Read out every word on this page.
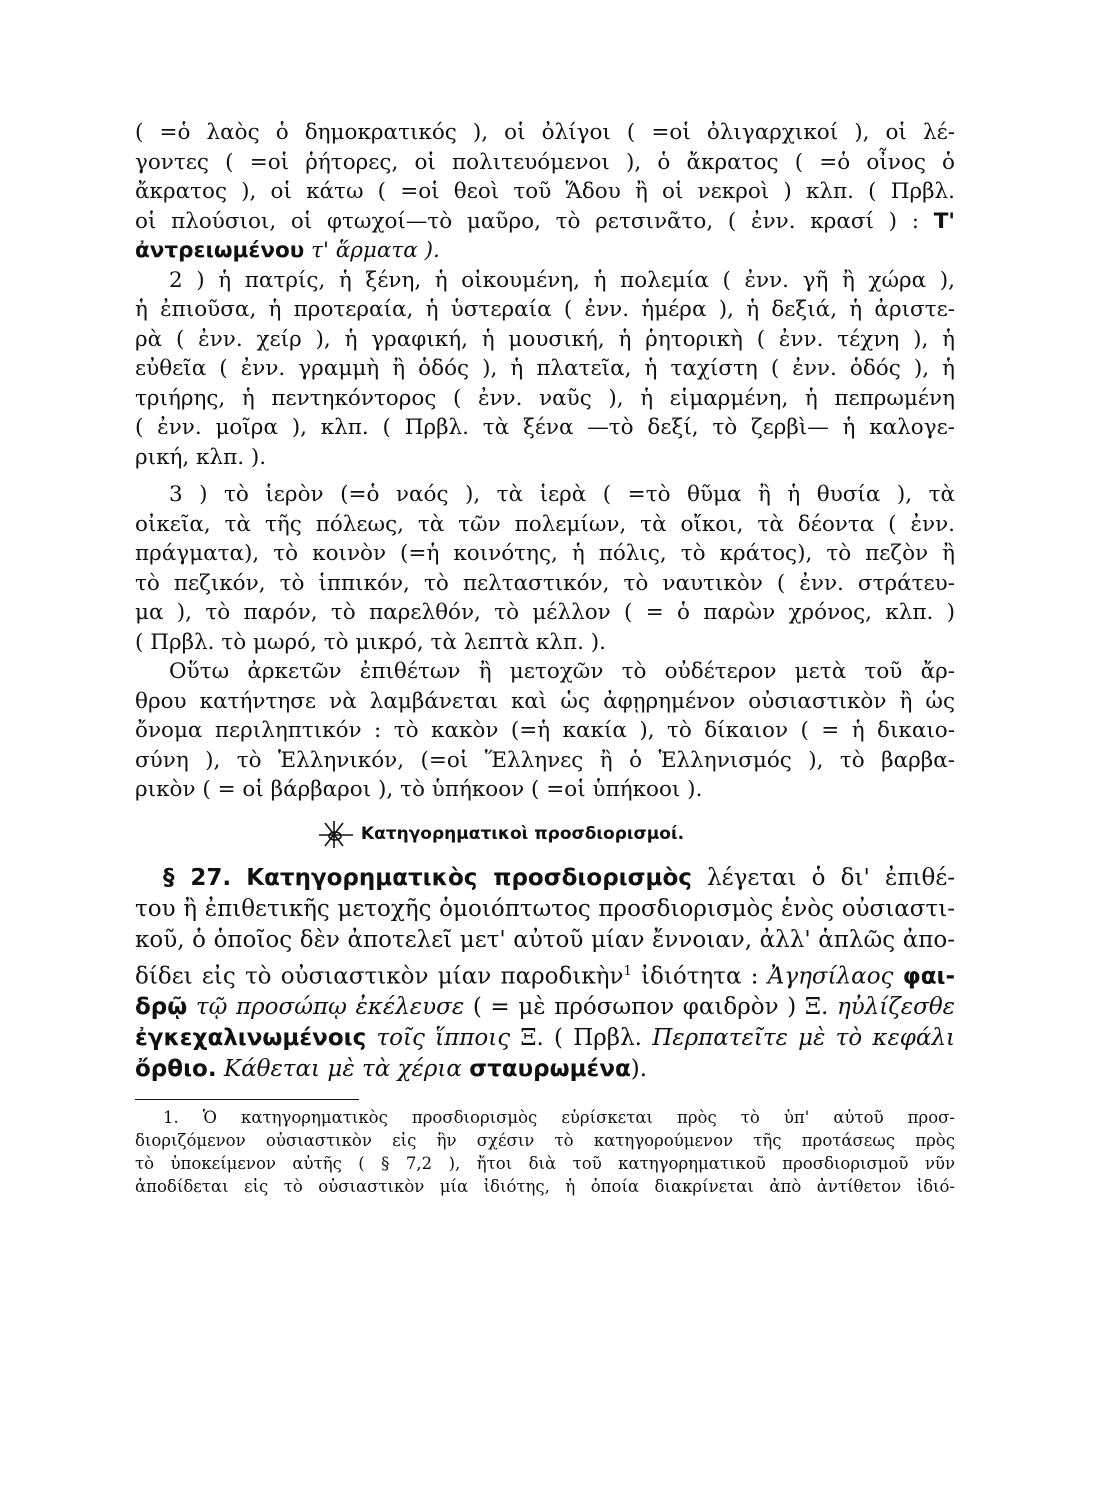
( =ὁ λαὸς ὁ δημοκρατικός ), οἱ ὀλίγοι ( =οἱ ὀλιγαρχικοί ), οἱ λέ-
γοντες ( =οἱ ῥήτορες, οἱ πολιτευόμενοι ), ὁ ἄκρατος ( =ὁ οἶνος ὁ
ἄκρατος ), οἱ κάτω ( =οἱ θεοὶ τοῦ Ἅδου ἢ οἱ νεκροὶ ) κλπ. ( Πρβλ.
οἱ πλούσιοι, οἱ φτωχοί—τὸ μαῦρο, τὸ ρετσινᾶτο, ( ἐνν. κρασί ) : Τ'
ἀντρειωμένου τ' ἅρματα ).
2 ) ἡ πατρίς, ἡ ξένη, ἡ οἰκουμένη, ἡ πολεμία ( ἐνν. γῆ ἢ χώρα ),
ἡ ἐπιοῦσα, ἡ προτεραία, ἡ ὑστεραία ( ἐνν. ἡμέρα ), ἡ δεξιά, ἡ ἀριστε-
ρὰ ( ἐνν. χείρ ), ἡ γραφική, ἡ μουσική, ἡ ῥητορικὴ ( ἐνν. τέχνη ), ἡ
εὐθεῖα ( ἐνν. γραμμὴ ἢ ὁδός ), ἡ πλατεῖα, ἡ ταχίστη ( ἐνν. ὁδός ), ἡ
τριήρης, ἡ πεντηκόντορος ( ἐνν. ναῦς ), ἡ εἱμαρμένη, ἡ πεπρωμένη
( ἐνν. μοῖρα ), κλπ. ( Πρβλ. τὰ ξένα —τὸ δεξί, τὸ ζερβὶ— ἡ καλογε-
ρική, κλπ. ).
3 ) τὸ ἱερὸν (=ὁ ναός ), τὰ ἱερὰ ( =τὸ θῦμα ἢ ἡ θυσία ), τὰ
οἰκεῖα, τὰ τῆς πόλεως, τὰ τῶν πολεμίων, τὰ οἴκοι, τὰ δέοντα ( ἐνν.
πράγματα), τὸ κοινὸν (=ἡ κοινότης, ἡ πόλις, τὸ κράτος), τὸ πεζὸν ἢ
τὸ πεζικόν, τὸ ἱππικόν, τὸ πελταστικόν, τὸ ναυτικὸν ( ἐνν. στράτευ-
μα ), τὸ παρόν, τὸ παρελθόν, τὸ μέλλον ( = ὁ παρὼν χρόνος, κλπ. )
( Πρβλ. τὸ μωρό, τὸ μικρό, τὰ λεπτὰ κλπ. ).
Οὕτω ἀρκετῶν ἐπιθέτων ἢ μετοχῶν τὸ οὐδέτερον μετὰ τοῦ ἄρ-
θρου κατήντησε νὰ λαμβάνεται καὶ ὡς ἀφῃρημένον οὐσιαστικὸν ἢ ὡς
ὄνομα περιληπτικόν : τὸ κακὸν (=ἡ κακία ), τὸ δίκαιον ( = ἡ δικαιο-
σύνη ), τὸ Ἑλληνικόν, (=οἱ Ἕλληνες ἢ ὁ Ἑλληνισμός ), τὸ βαρβα-
ρικὸν ( = οἱ βάρβαροι ), τὸ ὑπήκοον ( =οἱ ὑπήκοοι ).
Κατηγορηματικοὶ προσδιορισμοί.
§ 27. Κατηγορηματικὸς προσδιορισμὸς λέγεται ὁ δι' ἐπιθέ-
του ἢ ἐπιθετικῆς μετοχῆς ὁμοιόπτωτος προσδιορισμὸς ἑνὸς οὐσιαστι-
κοῦ, ὁ ὁποῖος δὲν ἀποτελεῖ μετ' αὐτοῦ μίαν ἔννοιαν, ἀλλ' ἁπλῶς ἀπο-
δίδει εἰς τὸ οὐσιαστικὸν μίαν παροδικὴν$^1$ ἰδιότητα : Ἀγησίλαος φαι-
δρῷ τῷ προσώπῳ ἐκέλευσε ( = μὲ πρόσωπον φαιδρὸν ) Ξ. ηὐλίζεσθε
ἐγκεχαλινωμένοις τοῖς ἵπποις Ξ. ( Πρβλ. Περπατεῖτε μὲ τὸ κεφάλι
ὄρθιο. Κάθεται μὲ τὰ χέρια σταυρωμένα).
1. Ὁ κατηγορηματικὸς προσδιορισμὸς εὑρίσκεται πρὸς τὸ ὑπ' αὐτοῦ προσ-
διοριζόμενον οὐσιαστικὸν εἰς ἣν σχέσιν τὸ κατηγορούμενον τῆς προτάσεως πρὸς
τὸ ὑποκείμενον αὐτῆς ( § 7,2 ), ἤτοι διὰ τοῦ κατηγορηματικοῦ προσδιορισμοῦ νῦν
ἀποδίδεται εἰς τὸ οὐσιαστικὸν μία ἰδιότης, ἡ ὁποία διακρίνεται ἀπὸ ἀντίθετον ἰδιό-
